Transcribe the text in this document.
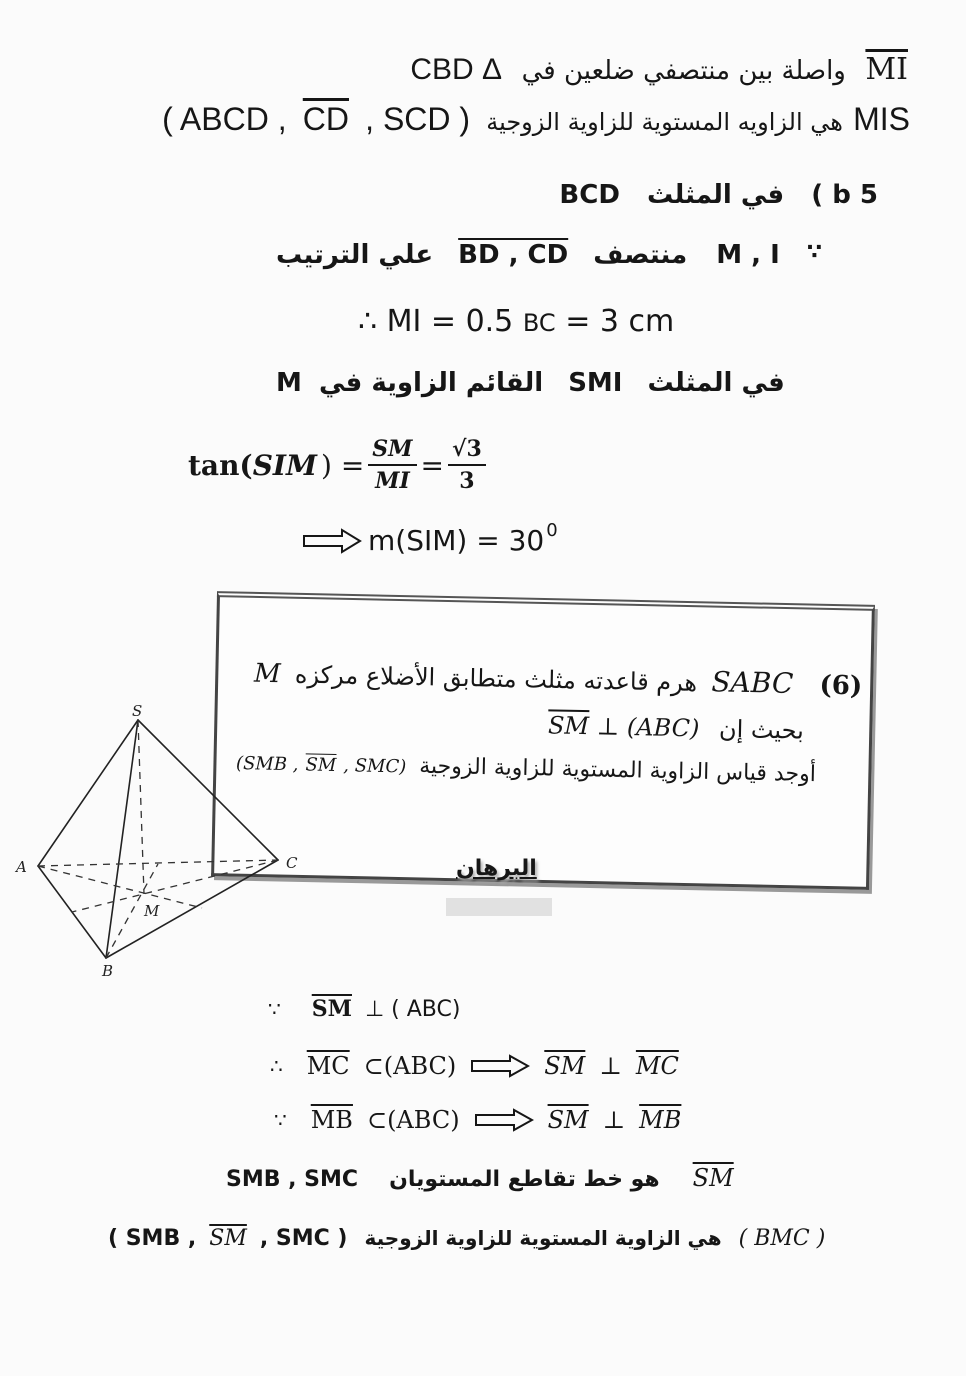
CBD Δ واصلة بين منتصفي ضلعين في $\overline{MI}$
( ABCD , $\overline{CD}$ , SCD ) هي الزاويه المستوية للزاوية الزوجية MIS
BCD في المثلث 5 b )
علي الترتيب BD , CD منتصف M , I ∵
∴ MI = 0.5 BC = 3 cm
M القائم الزاوية في SMI في المثلث
tan( SIM ) = $\frac{SM}{MI} = \frac{√3}{3}$
$m(SIM) = 30^0$
M هرم قاعدته مثلث متطابق الأضلاع مركزه SABC (6)
$\overline{SM}$ ⊥ (ABC) بحيث إن
(SMB , $\overline{SM}$ , SMC) أوجد قياس الزاوية المستوية للزاوية الزوجية
S
A
B
C
M
البرهان
∵ $\overline{SM}$ ⊥ ( ABC)
∴ $\overline{MC}$ ⊂(ABC)	$\overline{SM}$ ⊥ $\overline{MC}$
∵ $\overline{MB}$ ⊂(ABC)	$\overline{SM}$ ⊥ $\overline{MB}$
SMB , SMC هو خط تقاطع المستويان $\overline{SM}$
( SMB , $\overline{SM}$ , SMC ) هي الزاوية المستوية للزاوية الزوجية ( BMC )
